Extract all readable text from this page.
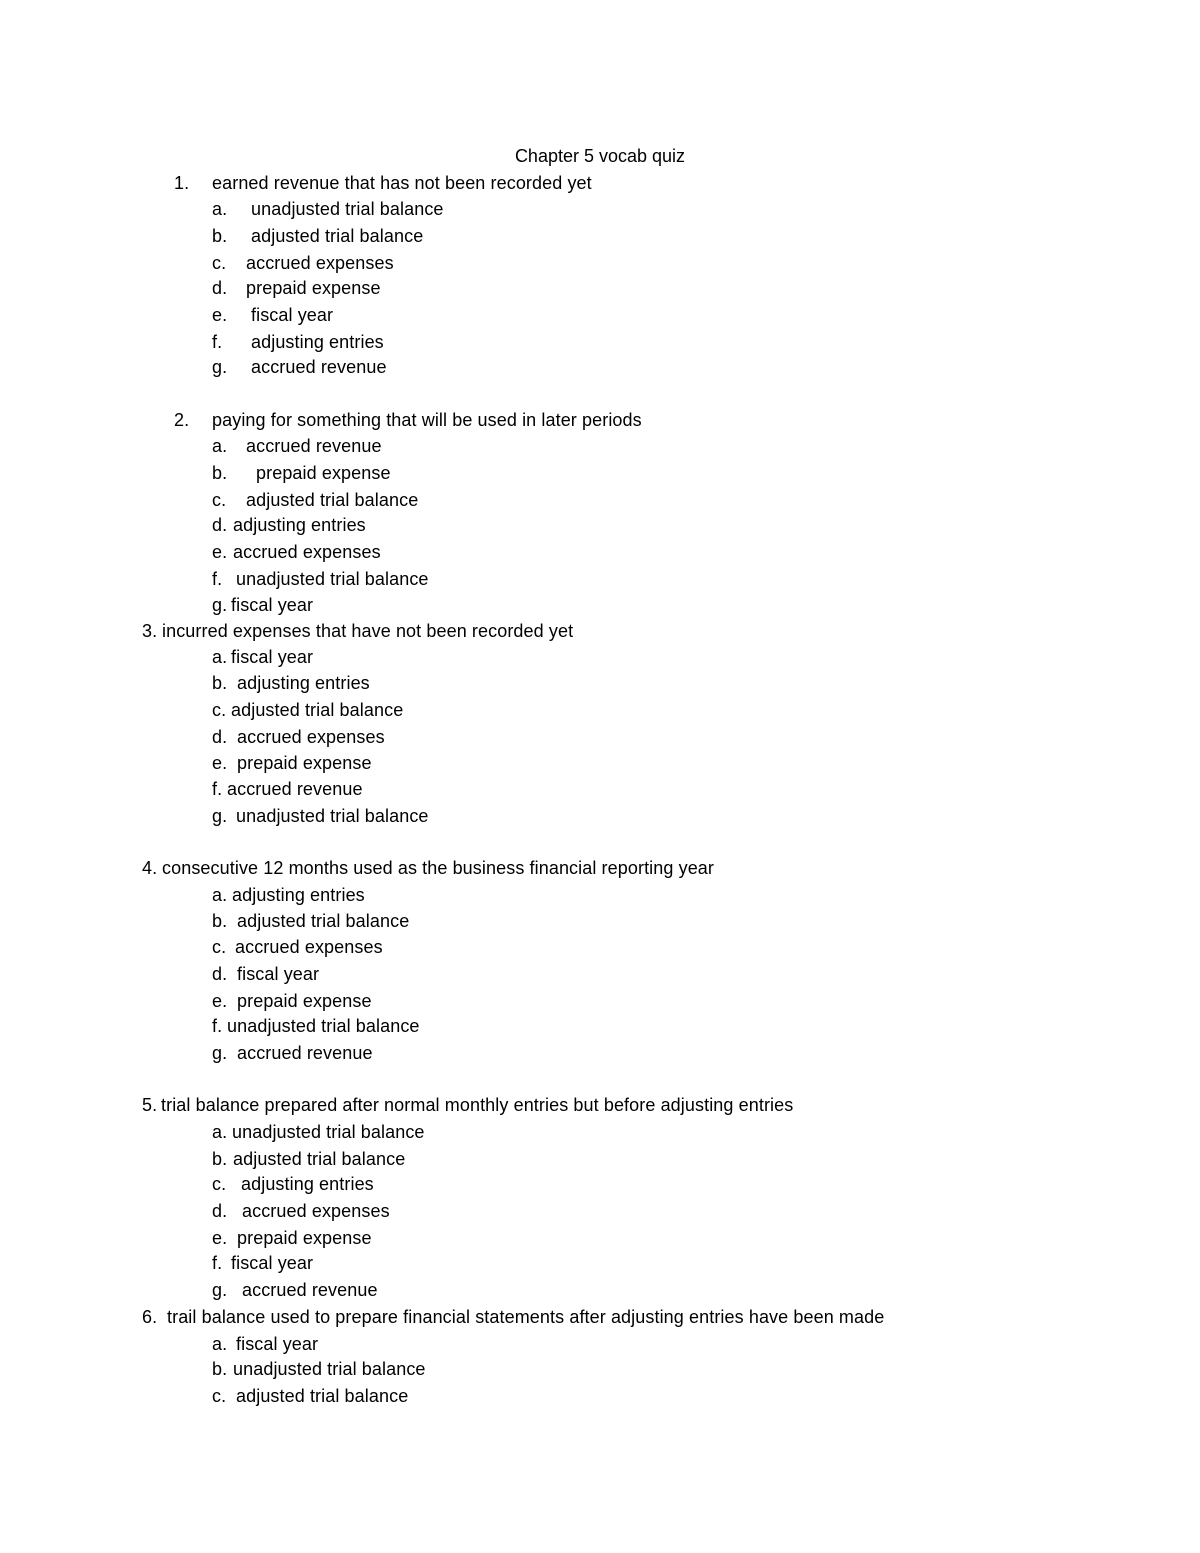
Chapter 5 vocab quiz
1. earned revenue that has not been recorded yet
a. unadjusted trial balance
b. adjusted trial balance
c. accrued expenses
d. prepaid expense
e. fiscal year
f. adjusting entries
g. accrued revenue
2. paying for something that will be used in later periods
a. accrued revenue
b. prepaid expense
c. adjusted trial balance
d. adjusting entries
e. accrued expenses
f. unadjusted trial balance
g. fiscal year
3. incurred expenses that have not been recorded yet
a. fiscal year
b. adjusting entries
c. adjusted trial balance
d. accrued expenses
e. prepaid expense
f. accrued revenue
g. unadjusted trial balance
4. consecutive 12 months used as the business financial reporting year
a. adjusting entries
b. adjusted trial balance
c. accrued expenses
d. fiscal year
e. prepaid expense
f. unadjusted trial balance
g. accrued revenue
5. trial balance prepared after normal monthly entries but before adjusting entries
a. unadjusted trial balance
b. adjusted trial balance
c. adjusting entries
d. accrued expenses
e. prepaid expense
f. fiscal year
g. accrued revenue
6. trail balance used to prepare financial statements after adjusting entries have been made
a. fiscal year
b. unadjusted trial balance
c. adjusted trial balance
